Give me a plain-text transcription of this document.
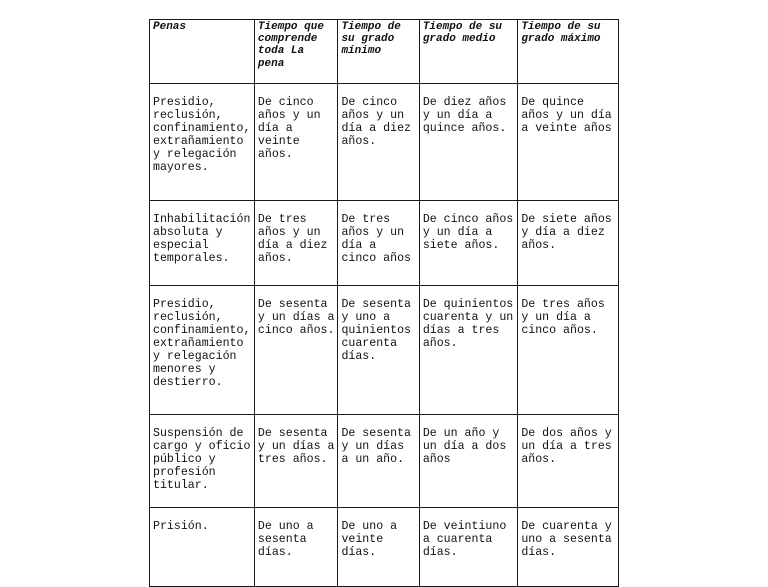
Penas	Tiempo que comprende toda La pena	Tiempo de su grado mínimo	Tiempo de su grado medio	Tiempo de su grado máximo
Presidio, reclusión, confinamiento, extrañamiento y relegación mayores.	De cinco años y un día a veinte años.	De cinco años y un día a diez años.	De diez años y un día a quince años.	De quince años y un día a veinte años
Inhabilitación absoluta y especial temporales.	De tres años y un día a diez años.	De tres años y un día a cinco años	De cinco años y un día a siete años.	De siete años y día a diez años.
Presidio, reclusión, confinamiento, extrañamiento y relegación menores y destierro.	De sesenta y un días a cinco años.	De sesenta y uno a quinientos cuarenta días.	De quinientos cuarenta y un días a tres años.	De tres años y un día a cinco años.
Suspensión de cargo y oficio público y profesión titular.	De sesenta y un días a tres años.	De sesenta y un días a un año.	De un año y un día a dos años	De dos años y un día a tres años.
Prisión.	De uno a sesenta días.	De uno a veinte días.	De veintiuno a cuarenta días.	De cuarenta y uno a sesenta días.
